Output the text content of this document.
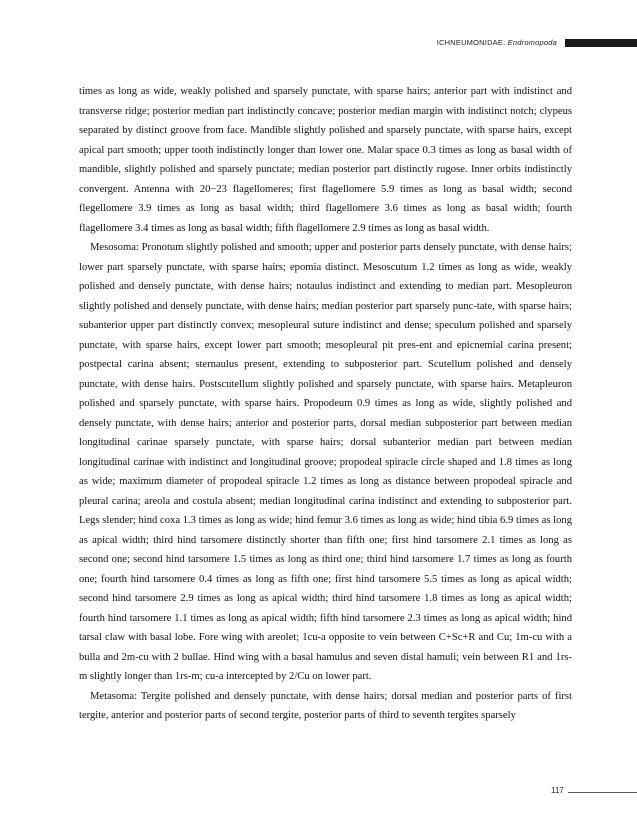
ICHNEUMONIDAE: Endromopoda

times as long as wide, weakly polished and sparsely punctate, with sparse hairs; anterior part with indistinct and transverse ridge; posterior median part indistinctly concave; posterior median margin with indistinct notch; clypeus separated by distinct groove from face. Mandible slightly polished and sparsely punctate, with sparse hairs, except apical part smooth; upper tooth indistinctly longer than lower one. Malar space 0.3 times as long as basal width of mandible, slightly polished and sparsely punctate; median posterior part distinctly rugose. Inner orbits indistinctly convergent. Antenna with 20−23 flagellomeres; first flagellomere 5.9 times as long as basal width; second flegellomere 3.9 times as long as basal width; third flagellomere 3.6 times as long as basal width; fourth flagellomere 3.4 times as long as basal width; fifth flagellomere 2.9 times as long as basal width.

Mesosoma: Pronotum slightly polished and smooth; upper and posterior parts densely punctate, with dense hairs; lower part sparsely punctate, with sparse hairs; epomia distinct. Mesoscutum 1.2 times as long as wide, weakly polished and densely punctate, with dense hairs; notaulus indistinct and extending to median part. Mesopleuron slightly polished and densely punctate, with dense hairs; median posterior part sparsely punc-tate, with sparse hairs; subanterior upper part distinctly convex; mesopleural suture indistinct and dense; speculum polished and sparsely punctate, with sparse hairs, except lower part smooth; mesopleural pit pres-ent and epicnemial carina present; postpectal carina absent; sternaulus present, extending to subposterior part. Scutellum polished and densely punctate, with dense hairs. Postscutellum slightly polished and sparsely punctate, with sparse hairs. Metapleuron polished and sparsely punctate, with sparse hairs. Propodeum 0.9 times as long as wide, slightly polished and densely punctate, with dense hairs; anterior and posterior parts, dorsal median subposterior part between median longitudinal carinae sparsely punctate, with sparse hairs; dorsal subanterior median part between median longitudinal carinae with indistinct and longitudinal groove; propodeal spiracle circle shaped and 1.8 times as long as wide; maximum diameter of propodeal spiracle 1.2 times as long as distance between propodeal spiracle and pleural carina; areola and costula absent; median longitudinal carina indistinct and extending to subposterior part. Legs slender; hind coxa 1.3 times as long as wide; hind femur 3.6 times as long as wide; hind tibia 6.9 times as long as apical width; third hind tarsomere distinctly shorter than fifth one; first hind tarsomere 2.1 times as long as second one; second hind tarsomere 1.5 times as long as third one; third hind tarsomere 1.7 times as long as fourth one; fourth hind tarsomere 0.4 times as long as fifth one; first hind tarsomere 5.5 times as long as apical width; second hind tarsomere 2.9 times as long as apical width; third hind tarsomere 1.8 times as long as apical width; fourth hind tarsomere 1.1 times as long as apical width; fifth hind tarsomere 2.3 times as long as apical width; hind tarsal claw with basal lobe. Fore wing with areolet; 1cu-a opposite to vein between C+Sc+R and Cu; 1m-cu with a bulla and 2m-cu with 2 bullae. Hind wing with a basal hamulus and seven distal hamuli; vein between R1 and 1rs-m slightly longer than 1rs-m; cu-a intercepted by 2/Cu on lower part.

Metasoma: Tergite polished and densely punctate, with dense hairs; dorsal median and posterior parts of first tergite, anterior and posterior parts of second tergite, posterior parts of third to seventh tergites sparsely

117
